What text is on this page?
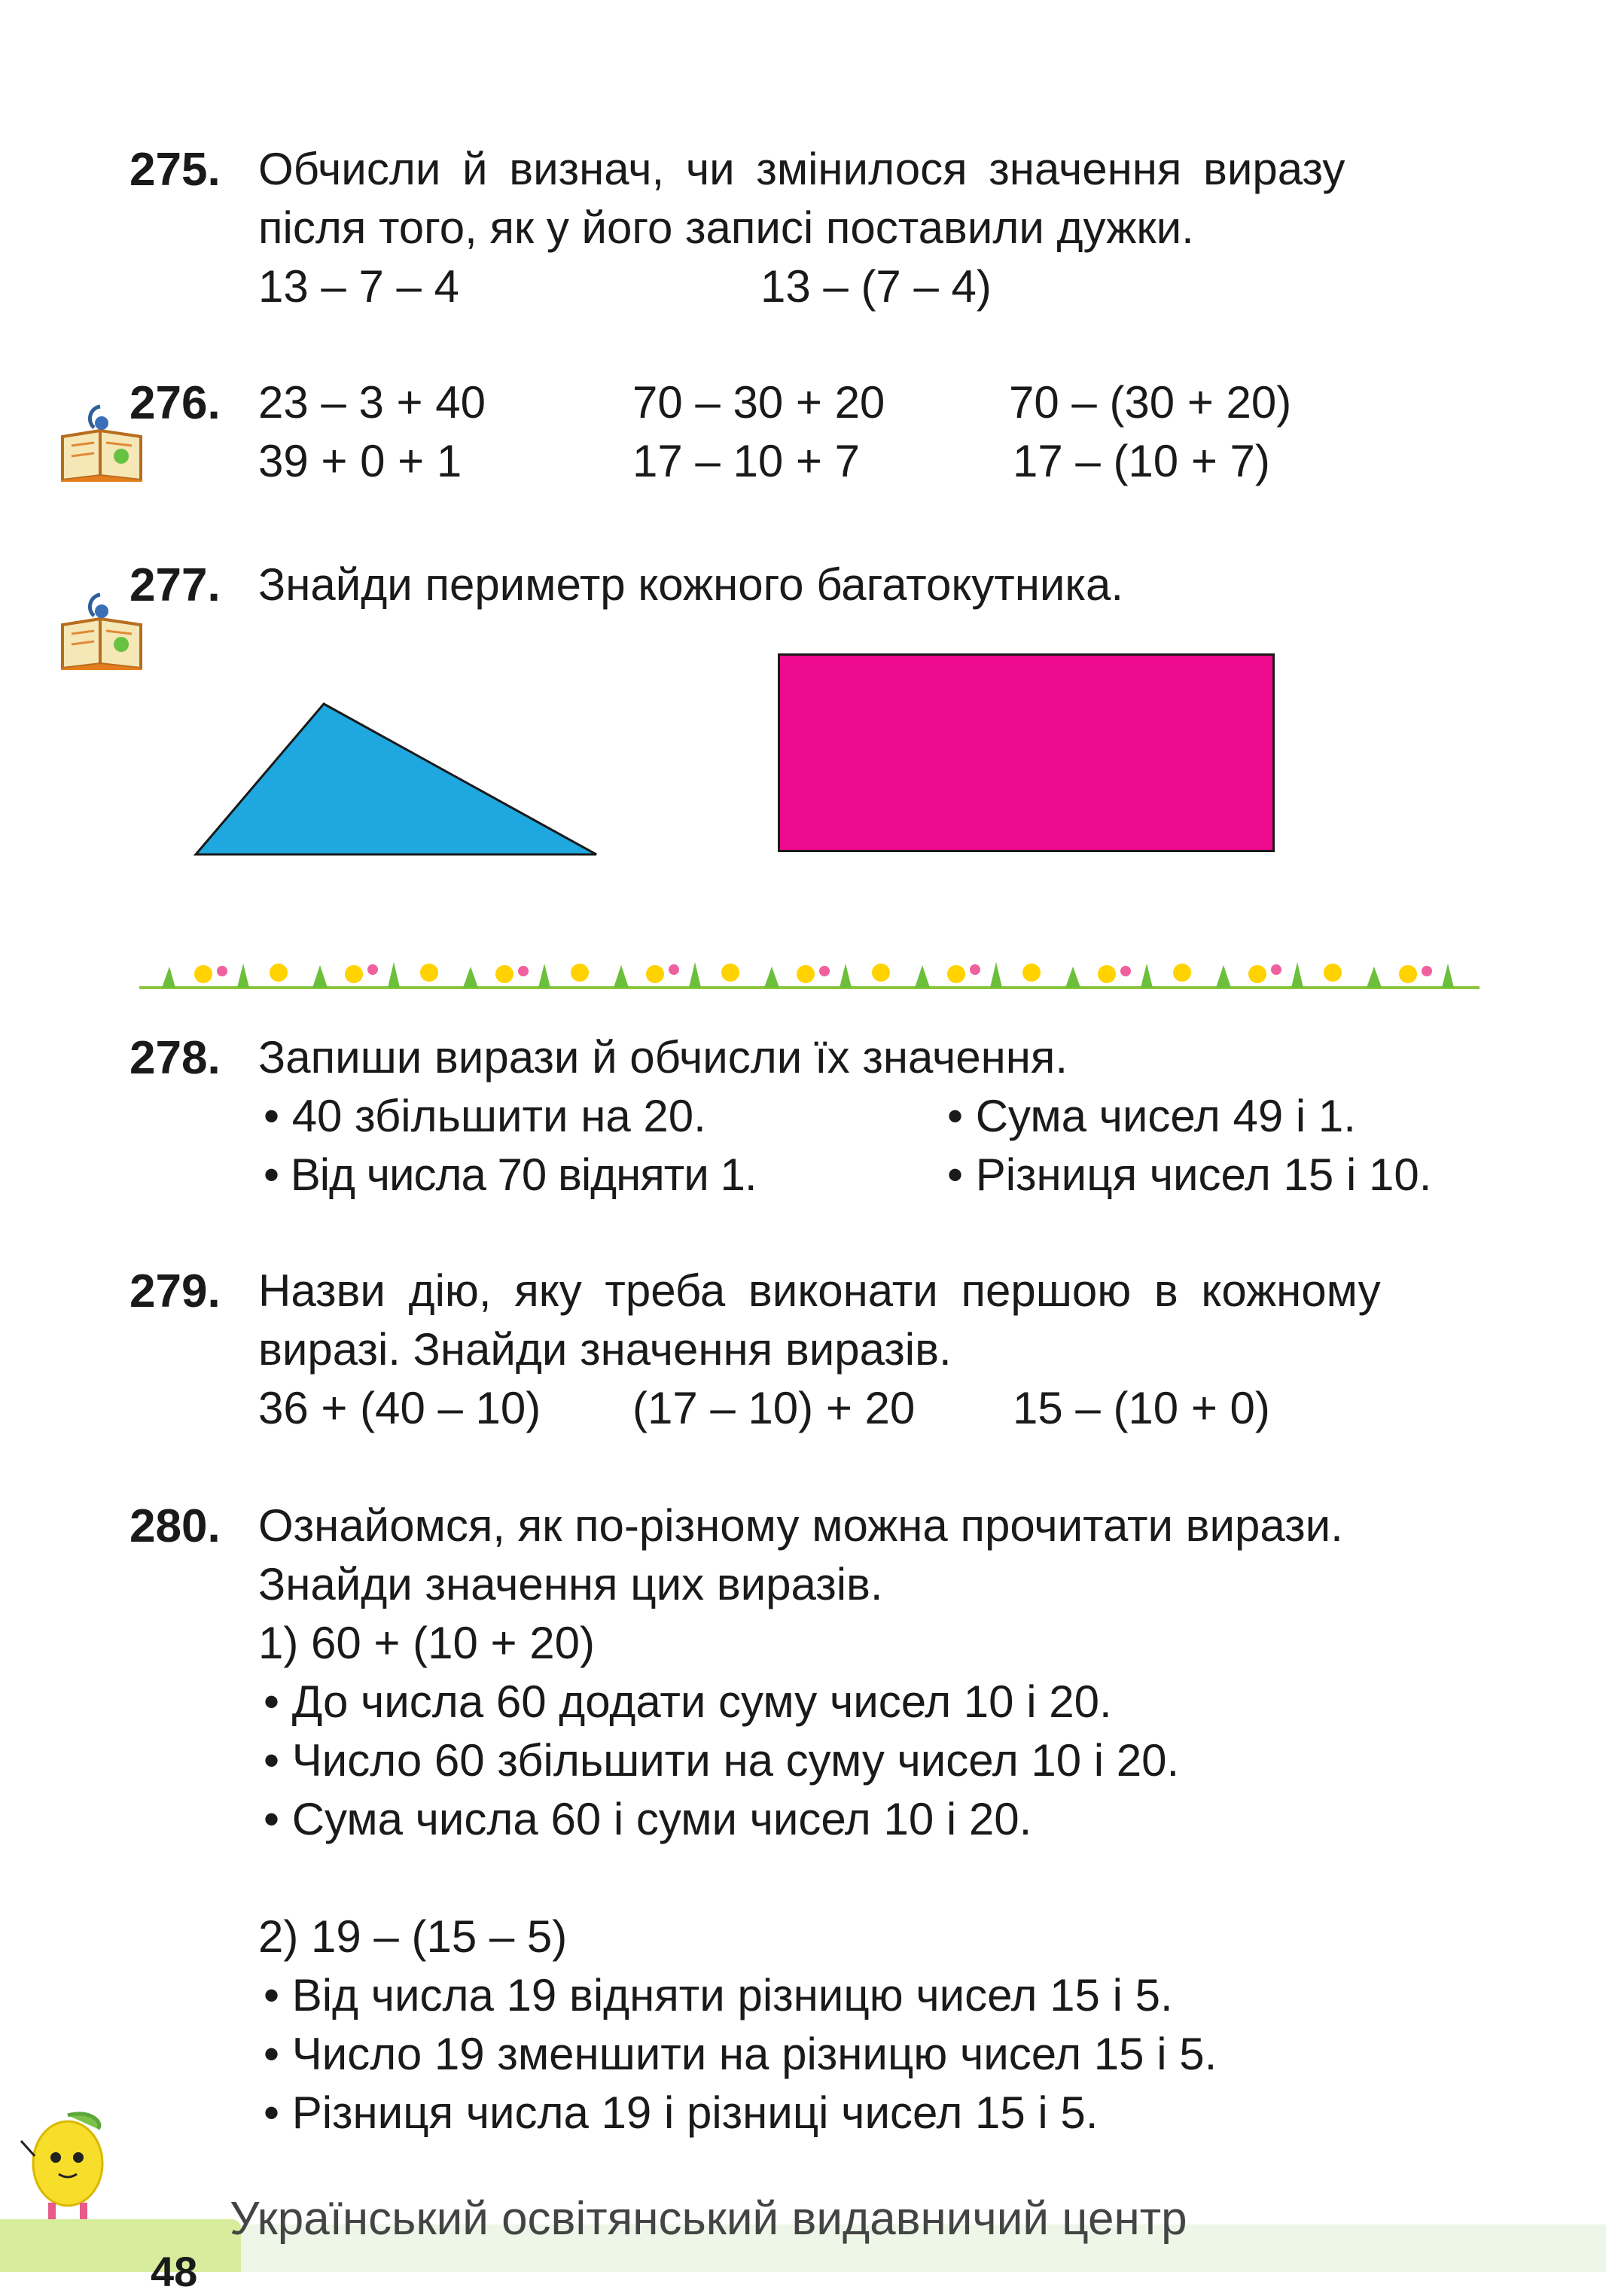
275. Обчисли й визнач, чи змінилося значення виразу
після того, як у його записі поставили дужки.
13 – 7 – 4	13 – (7 – 4)
276. 23 – 3 + 40	70 – 30 + 20	70 – (30 + 20)
39 + 0 + 1	17 – 10 + 7	17 – (10 + 7)
277. Знайди периметр кожного багатокутника.
278. Запиши вирази й обчисли їх значення.
• 40 збільшити на 20.	• Сума чисел 49 і 1.
• Від числа 70 відняти 1.	• Різниця чисел 15 і 10.
279. Назви дію, яку треба виконати першою в кожному
виразі. Знайди значення виразів.
36 + (40 – 10) (17 – 10) + 20 15 – (10 + 0)
280. Ознайомся, як по-різному можна прочитати вирази.
Знайди значення цих виразів.
1) 60 + (10 + 20)
• До числа 60 додати суму чисел 10 і 20.
• Число 60 збільшити на суму чисел 10 і 20.
• Сума числа 60 і суми чисел 10 і 20.
2) 19 – (15 – 5)
• Від числа 19 відняти різницю чисел 15 і 5.
• Число 19 зменшити на різницю чисел 15 і 5.
• Різниця числа 19 і різниці чисел 15 і 5.
48
Український освітянський видавничий центр
